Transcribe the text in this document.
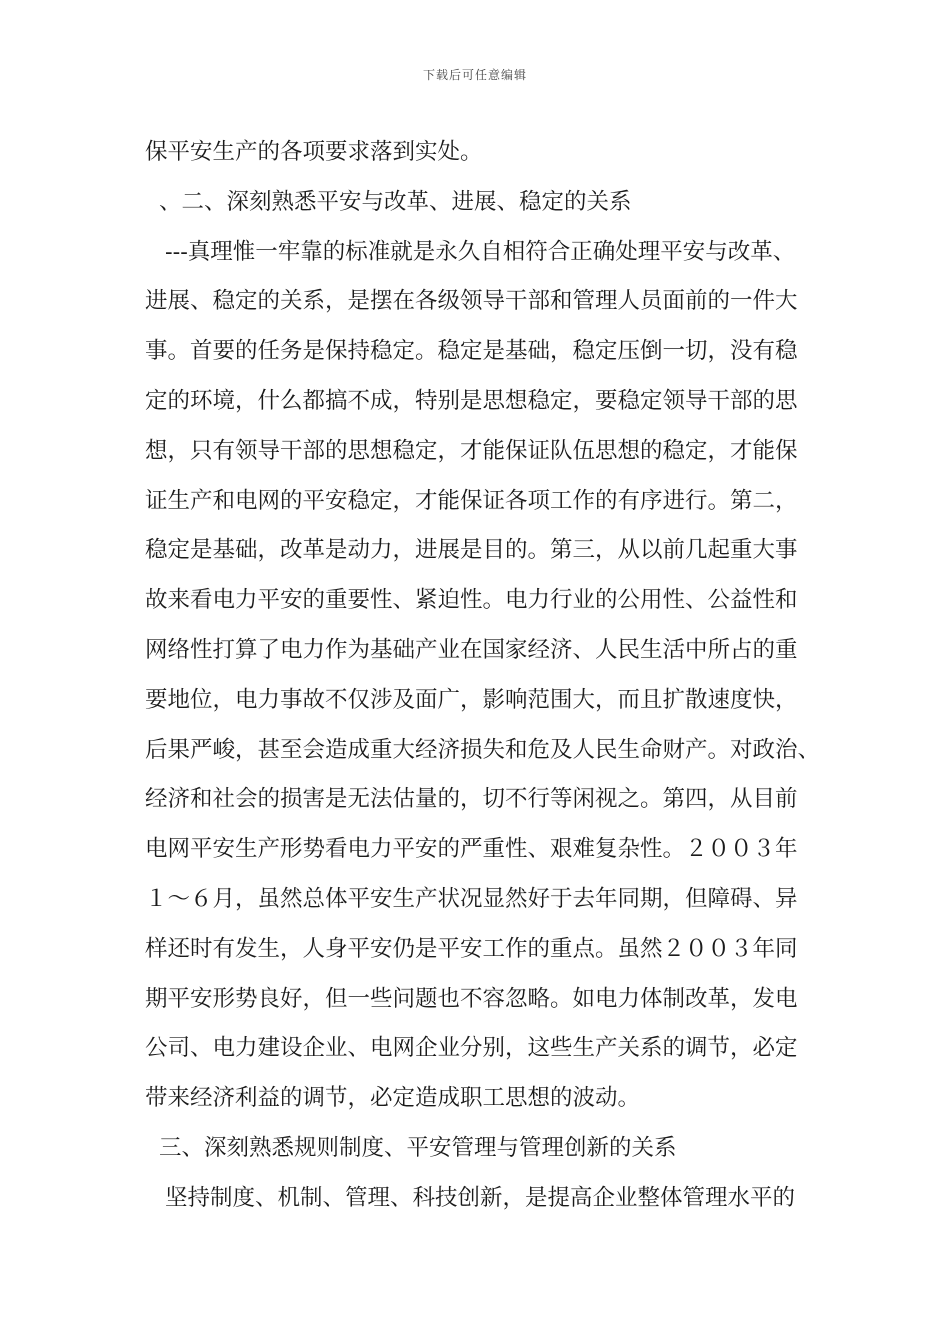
下载后可任意编辑
保平安生产的各项要求落到实处。
、二、深刻熟悉平安与改革、进展、稳定的关系
---真理惟一牢靠的标准就是永久自相符合正确处理平安与改革、
进展、稳定的关系，是摆在各级领导干部和管理人员面前的一件大
事。首要的任务是保持稳定。稳定是基础，稳定压倒一切，没有稳
定的环境，什么都搞不成，特别是思想稳定，要稳定领导干部的思
想，只有领导干部的思想稳定，才能保证队伍思想的稳定，才能保
证生产和电网的平安稳定，才能保证各项工作的有序进行。第二，
稳定是基础，改革是动力，进展是目的。第三，从以前几起重大事
故来看电力平安的重要性、紧迫性。电力行业的公用性、公益性和
网络性打算了电力作为基础产业在国家经济、人民生活中所占的重
要地位，电力事故不仅涉及面广，影响范围大，而且扩散速度快，
后果严峻，甚至会造成重大经济损失和危及人民生命财产。对政治、
经济和社会的损害是无法估量的，切不行等闲视之。第四，从目前
电网平安生产形势看电力平安的严重性、艰难复杂性。２００３年
１～６月，虽然总体平安生产状况显然好于去年同期，但障碍、异
样还时有发生，人身平安仍是平安工作的重点。虽然２００３年同
期平安形势良好，但一些问题也不容忽略。如电力体制改革，发电
公司、电力建设企业、电网企业分别，这些生产关系的调节，必定
带来经济利益的调节，必定造成职工思想的波动。
三、深刻熟悉规则制度、平安管理与管理创新的关系
坚持制度、机制、管理、科技创新，是提高企业整体管理水平的
